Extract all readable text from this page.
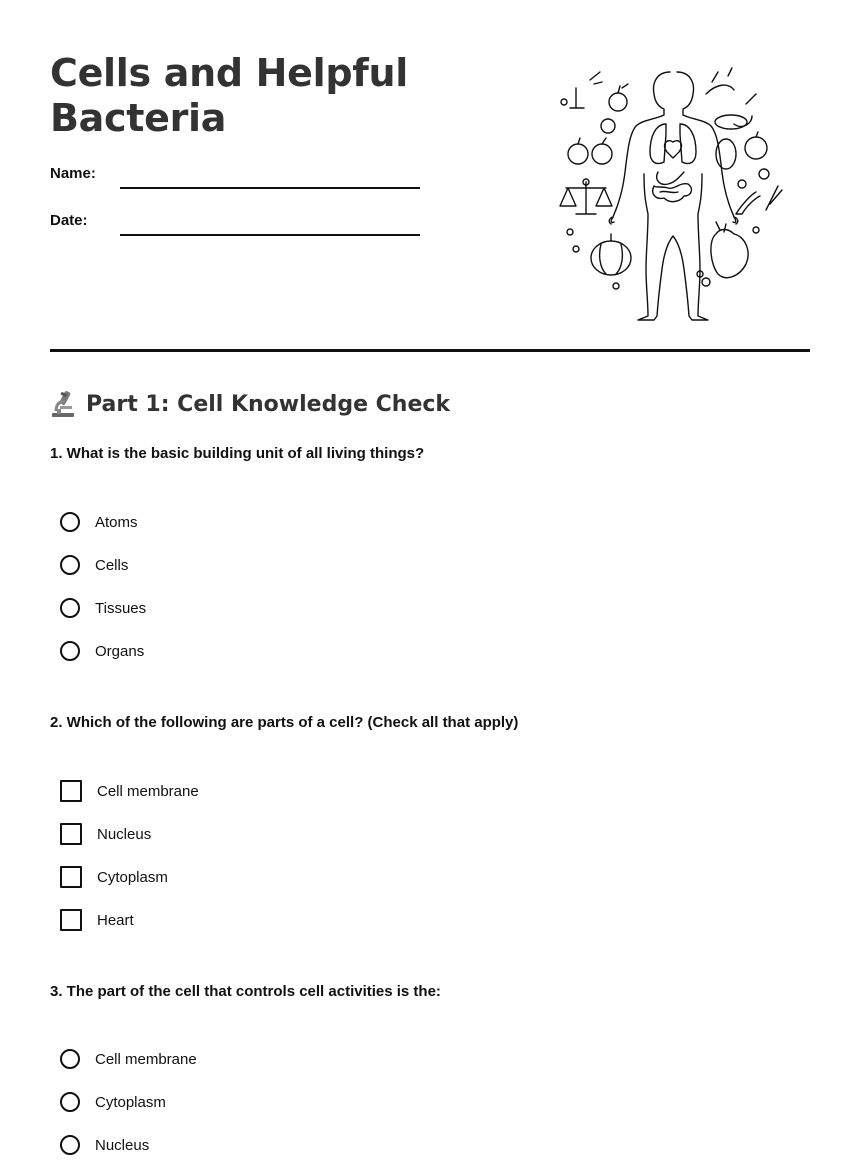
Cells and Helpful Bacteria
Name:
Date:
Part 1: Cell Knowledge Check
1. What is the basic building unit of all living things?
Atoms
Cells
Tissues
Organs
2. Which of the following are parts of a cell? (Check all that apply)
Cell membrane
Nucleus
Cytoplasm
Heart
3. The part of the cell that controls cell activities is the:
Cell membrane
Cytoplasm
Nucleus
